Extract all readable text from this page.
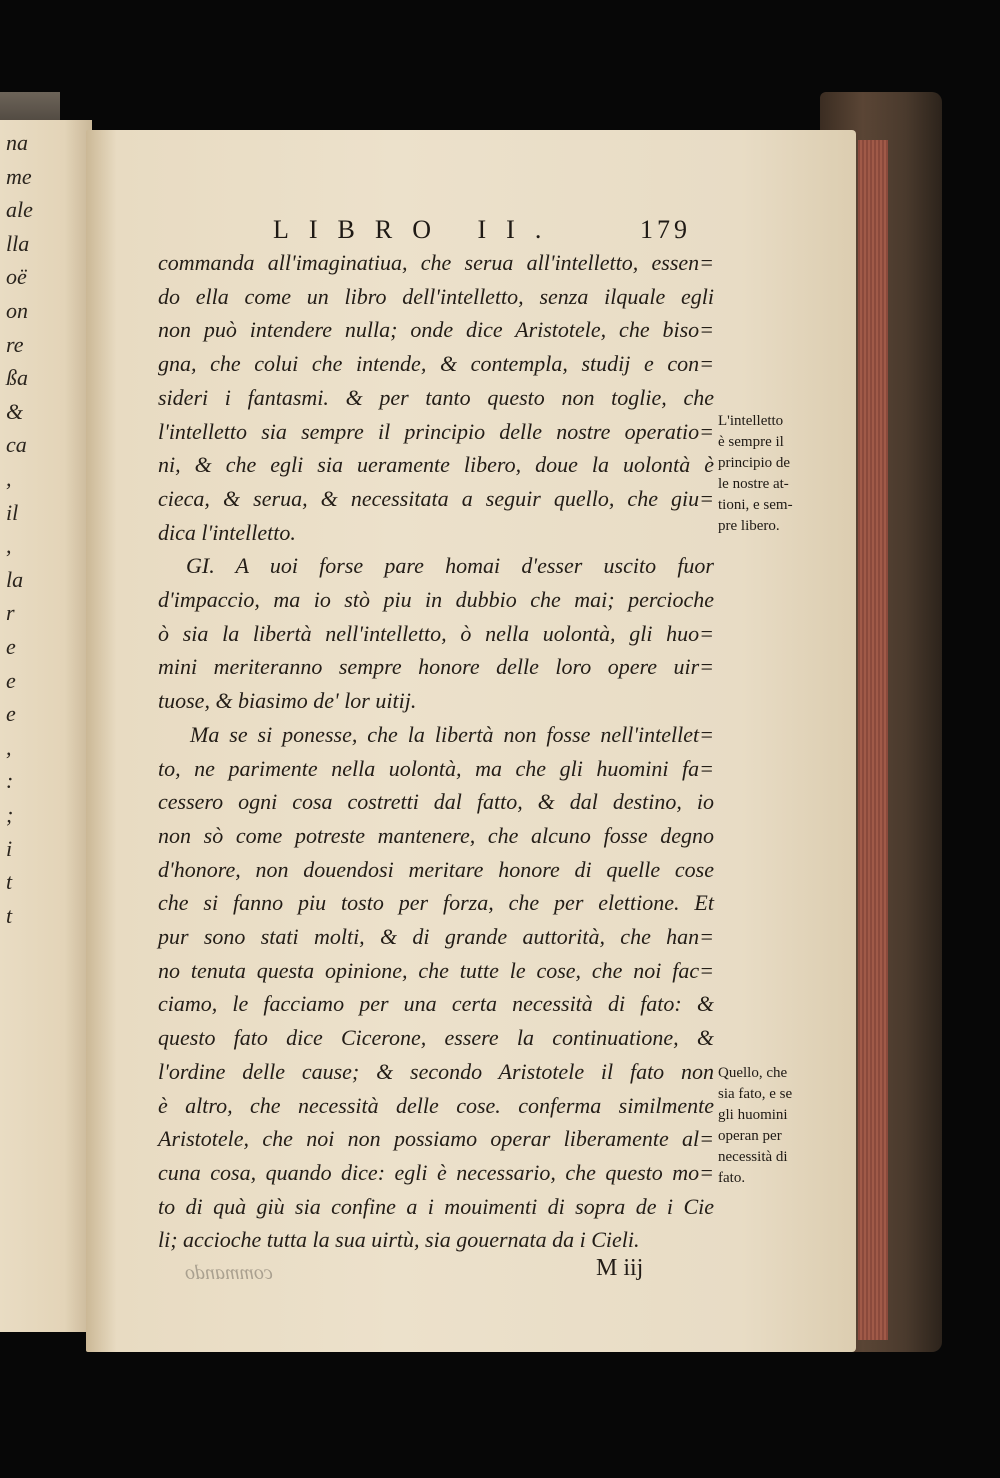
na
me
ale
lla
oë
on
re
ßa
&
ca
,
il
,
la
r
e
e
e
,
:
;
i
t
t
LIBRO II.	179
commanda all'imaginatiua, che serua all'intelletto, essen=
do ella come un libro dell'intelletto, senza ilquale egli
non può intendere nulla; onde dice Aristotele, che biso=
gna, che colui che intende, & contempla, studij e con=
sideri i fantasmi. & per tanto questo non toglie, che
l'intelletto sia sempre il principio delle nostre operatio=
ni, & che egli sia ueramente libero, doue la uolontà è
cieca, & serua, & necessitata a seguir quello, che giu=
dica l'intelletto.
GI. A uoi forse pare homai d'esser uscito fuor
d'impaccio, ma io stò piu in dubbio che mai; percioche
ò sia la libertà nell'intelletto, ò nella uolontà, gli huo=
mini meriteranno sempre honore delle loro opere uir=
tuose, & biasimo de' lor uitij.
Ma se si ponesse, che la libertà non fosse nell'intellet=
to, ne parimente nella uolontà, ma che gli huomini fa=
cessero ogni cosa costretti dal fatto, & dal destino, io
non sò come potreste mantenere, che alcuno fosse degno
d'honore, non douendosi meritare honore di quelle cose
che si fanno piu tosto per forza, che per elettione. Et
pur sono stati molti, & di grande auttorità, che han=
no tenuta questa opinione, che tutte le cose, che noi fac=
ciamo, le facciamo per una certa necessità di fato: &
questo fato dice Cicerone, essere la continuatione, &
l'ordine delle cause; & secondo Aristotele il fato non
è altro, che necessità delle cose. conferma similmente
Aristotele, che noi non possiamo operar liberamente al=
cuna cosa, quando dice: egli è necessario, che questo mo=
to di quà giù sia confine a i mouimenti di sopra de i Cie
li; accioche tutta la sua uirtù, sia gouernata da i Cieli.
L'intelletto
è sempre il
principio de
le nostre at-
tioni, e sem-
pre libero.
Quello, che
sia fato, e se
gli huomini
operan per
necessità di
fato.
commando	M iij
